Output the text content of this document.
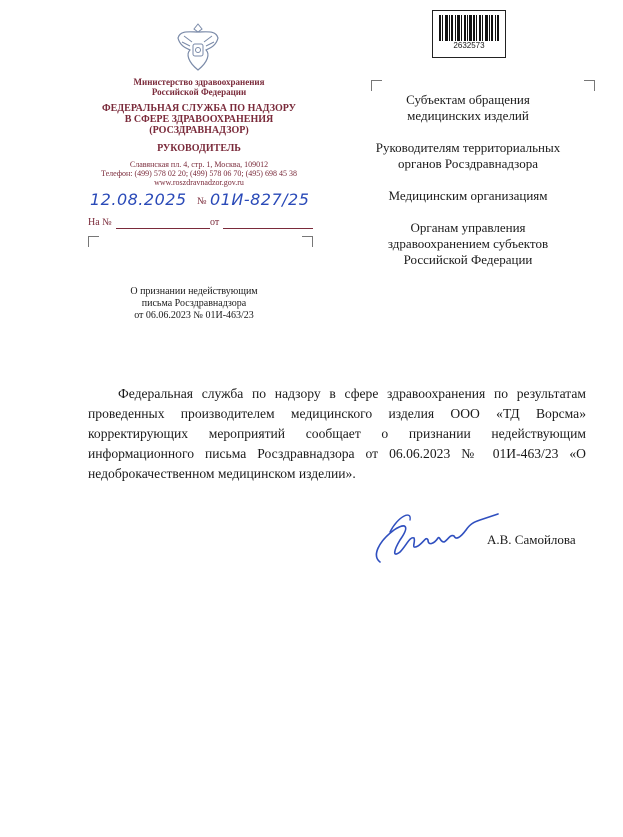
2632573
Министерство здравоохранения
Российской Федерации
ФЕДЕРАЛЬНАЯ СЛУЖБА ПО НАДЗОРУ
В СФЕРЕ ЗДРАВООХРАНЕНИЯ
(РОСЗДРАВНАДЗОР)
РУКОВОДИТЕЛЬ
Славянская пл. 4, стр. 1, Москва, 109012
Телефон: (499) 578 02 20; (499) 578 06 70; (495) 698 45 38
www.roszdravnadzor.gov.ru
12.08.2025 № 01И-827/25
На №	от

Субъектам обращения медицинских изделий

Руководителям территориальных органов Росздравнадзора

Медицинским организациям

Органам управления здравоохранением субъектов Российской Федерации

О признании недействующим
письма Росздравнадзора
от 06.06.2023 № 01И-463/23

Федеральная служба по надзору в сфере здравоохранения по результатам проведенных производителем медицинского изделия ООО «ТД Ворсма» корректирующих мероприятий сообщает о признании недействующим информационного письма Росздравнадзора от 06.06.2023 № 01И-463/23 «О недоброкачественном медицинском изделии».

А.В. Самойлова
